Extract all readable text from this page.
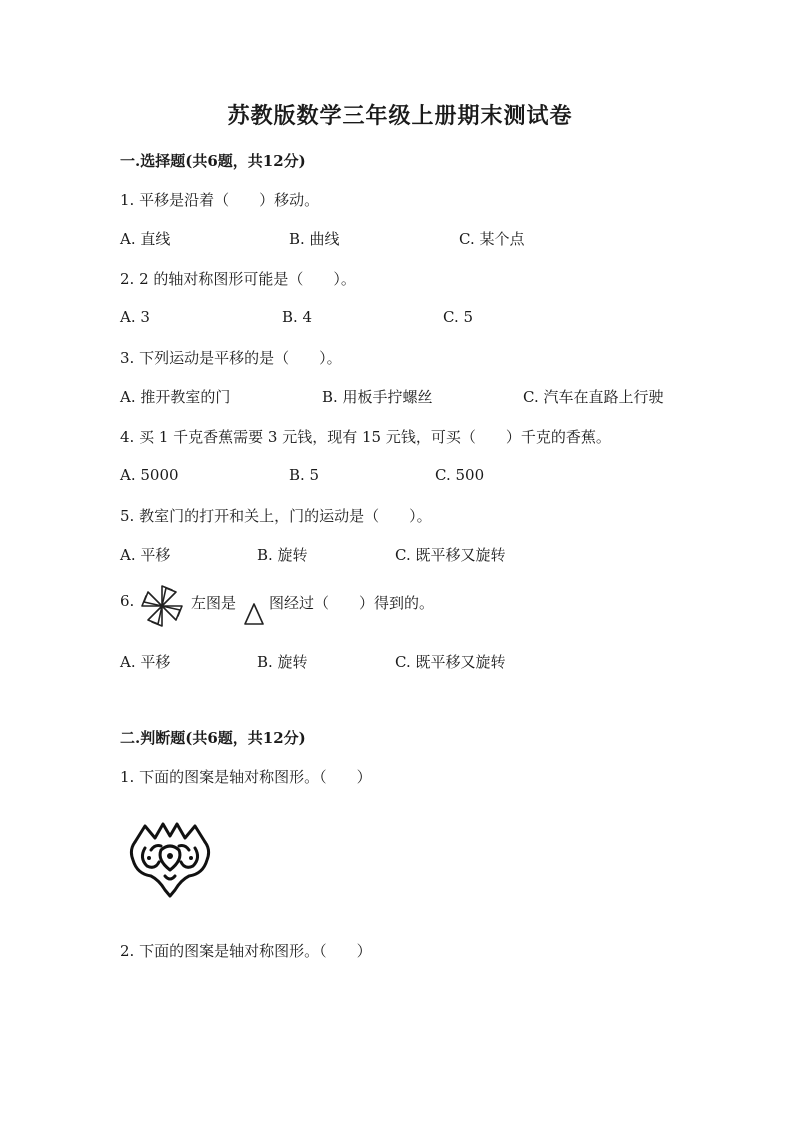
苏教版数学三年级上册期末测试卷
一.选择题(共6题，共12分)
1. 平移是沿着（　　）移动。
A. 直线	B. 曲线	C. 某个点
2. 2 的轴对称图形可能是（　　）。
A. 3	B. 4	C. 5
3. 下列运动是平移的是（　　）。
A. 推开教室的门	B. 用板手拧螺丝	C. 汽车在直路上行驶
4. 买 1 千克香蕉需要 3 元钱，现有 15 元钱，可买（　　）千克的香蕉。
A. 5000	B. 5	C. 500
5. 教室门的打开和关上，门的运动是（　　）。
A. 平移	B. 旋转	C. 既平移又旋转
6.	左图是 图经过（　　）得到的。
A. 平移	B. 旋转	C. 既平移又旋转
二.判断题(共6题，共12分)
1. 下面的图案是轴对称图形。（　　）
2. 下面的图案是轴对称图形。（　　）
